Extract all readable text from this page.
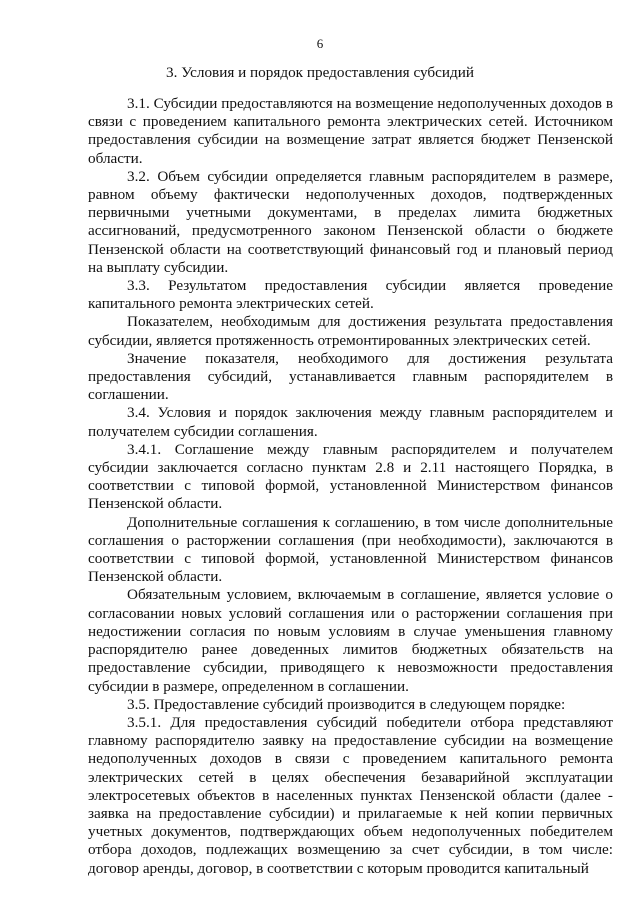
6
3. Условия и порядок предоставления субсидий

3.1. Субсидии предоставляются на возмещение недополученных доходов в связи с проведением капитального ремонта электрических сетей. Источником предоставления субсидии на возмещение затрат является бюджет Пензенской области.

3.2. Объем субсидии определяется главным распорядителем в размере, равном объему фактически недополученных доходов, подтвержденных первичными учетными документами, в пределах лимита бюджетных ассигнований, предусмотренного законом Пензенской области о бюджете Пензенской области на соответствующий финансовый год и плановый период на выплату субсидии.

3.3. Результатом предоставления субсидии является проведение капитального ремонта электрических сетей.

Показателем, необходимым для достижения результата предоставления субсидии, является протяженность отремонтированных электрических сетей.

Значение показателя, необходимого для достижения результата предоставления субсидий, устанавливается главным распорядителем в соглашении.

3.4. Условия и порядок заключения между главным распорядителем и получателем субсидии соглашения.

3.4.1. Соглашение между главным распорядителем и получателем субсидии заключается согласно пунктам 2.8 и 2.11 настоящего Порядка, в соответствии с типовой формой, установленной Министерством финансов Пензенской области.

Дополнительные соглашения к соглашению, в том числе дополнительные соглашения о расторжении соглашения (при необходимости), заключаются в соответствии с типовой формой, установленной Министерством финансов Пензенской области.

Обязательным условием, включаемым в соглашение, является условие о согласовании новых условий соглашения или о расторжении соглашения при недостижении согласия по новым условиям в случае уменьшения главному распорядителю ранее доведенных лимитов бюджетных обязательств на предоставление субсидии, приводящего к невозможности предоставления субсидии в размере, определенном в соглашении.

3.5. Предоставление субсидий производится в следующем порядке:

3.5.1. Для предоставления субсидий победители отбора представляют главному распорядителю заявку на предоставление субсидии на возмещение недополученных доходов в связи с проведением капитального ремонта электрических сетей в целях обеспечения безаварийной эксплуатации электросетевых объектов в населенных пунктах Пензенской области (далее - заявка на предоставление субсидии) и прилагаемые к ней копии первичных учетных документов, подтверждающих объем недополученных победителем отбора доходов, подлежащих возмещению за счет субсидии, в том числе: договор аренды, договор, в соответствии с которым проводится капитальный
